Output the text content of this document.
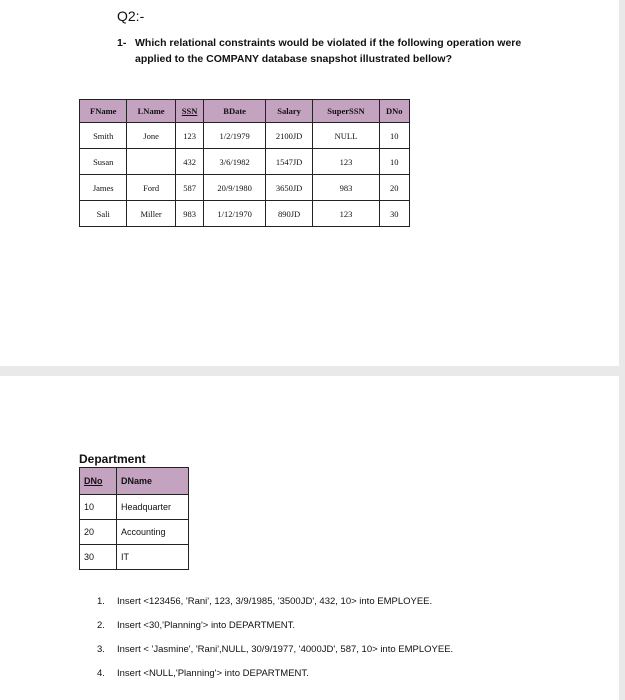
Q2:-
1- Which relational constraints would be violated if the following operation were applied to the COMPANY database snapshot illustrated bellow?
FName	LName	SSN	BDate	Salary	SuperSSN	DNo
Smith	Jone	123	1/2/1979	2100JD	NULL	10
Susan		432	3/6/1982	1547JD	123	10
James	Ford	587	20/9/1980	3650JD	983	20
Sali	Miller	983	1/12/1970	890JD	123	30
Department
DNo	DName
10	Headquarter
20	Accounting
30	IT
1. Insert <123456, 'Rani', 123, 3/9/1985, '3500JD', 432, 10> into EMPLOYEE.
2. Insert <30,'Planning'> into DEPARTMENT.
3. Insert < 'Jasmine', 'Rani',NULL, 30/9/1977, '4000JD', 587, 10> into EMPLOYEE.
4. Insert <NULL,'Planning'> into DEPARTMENT.
